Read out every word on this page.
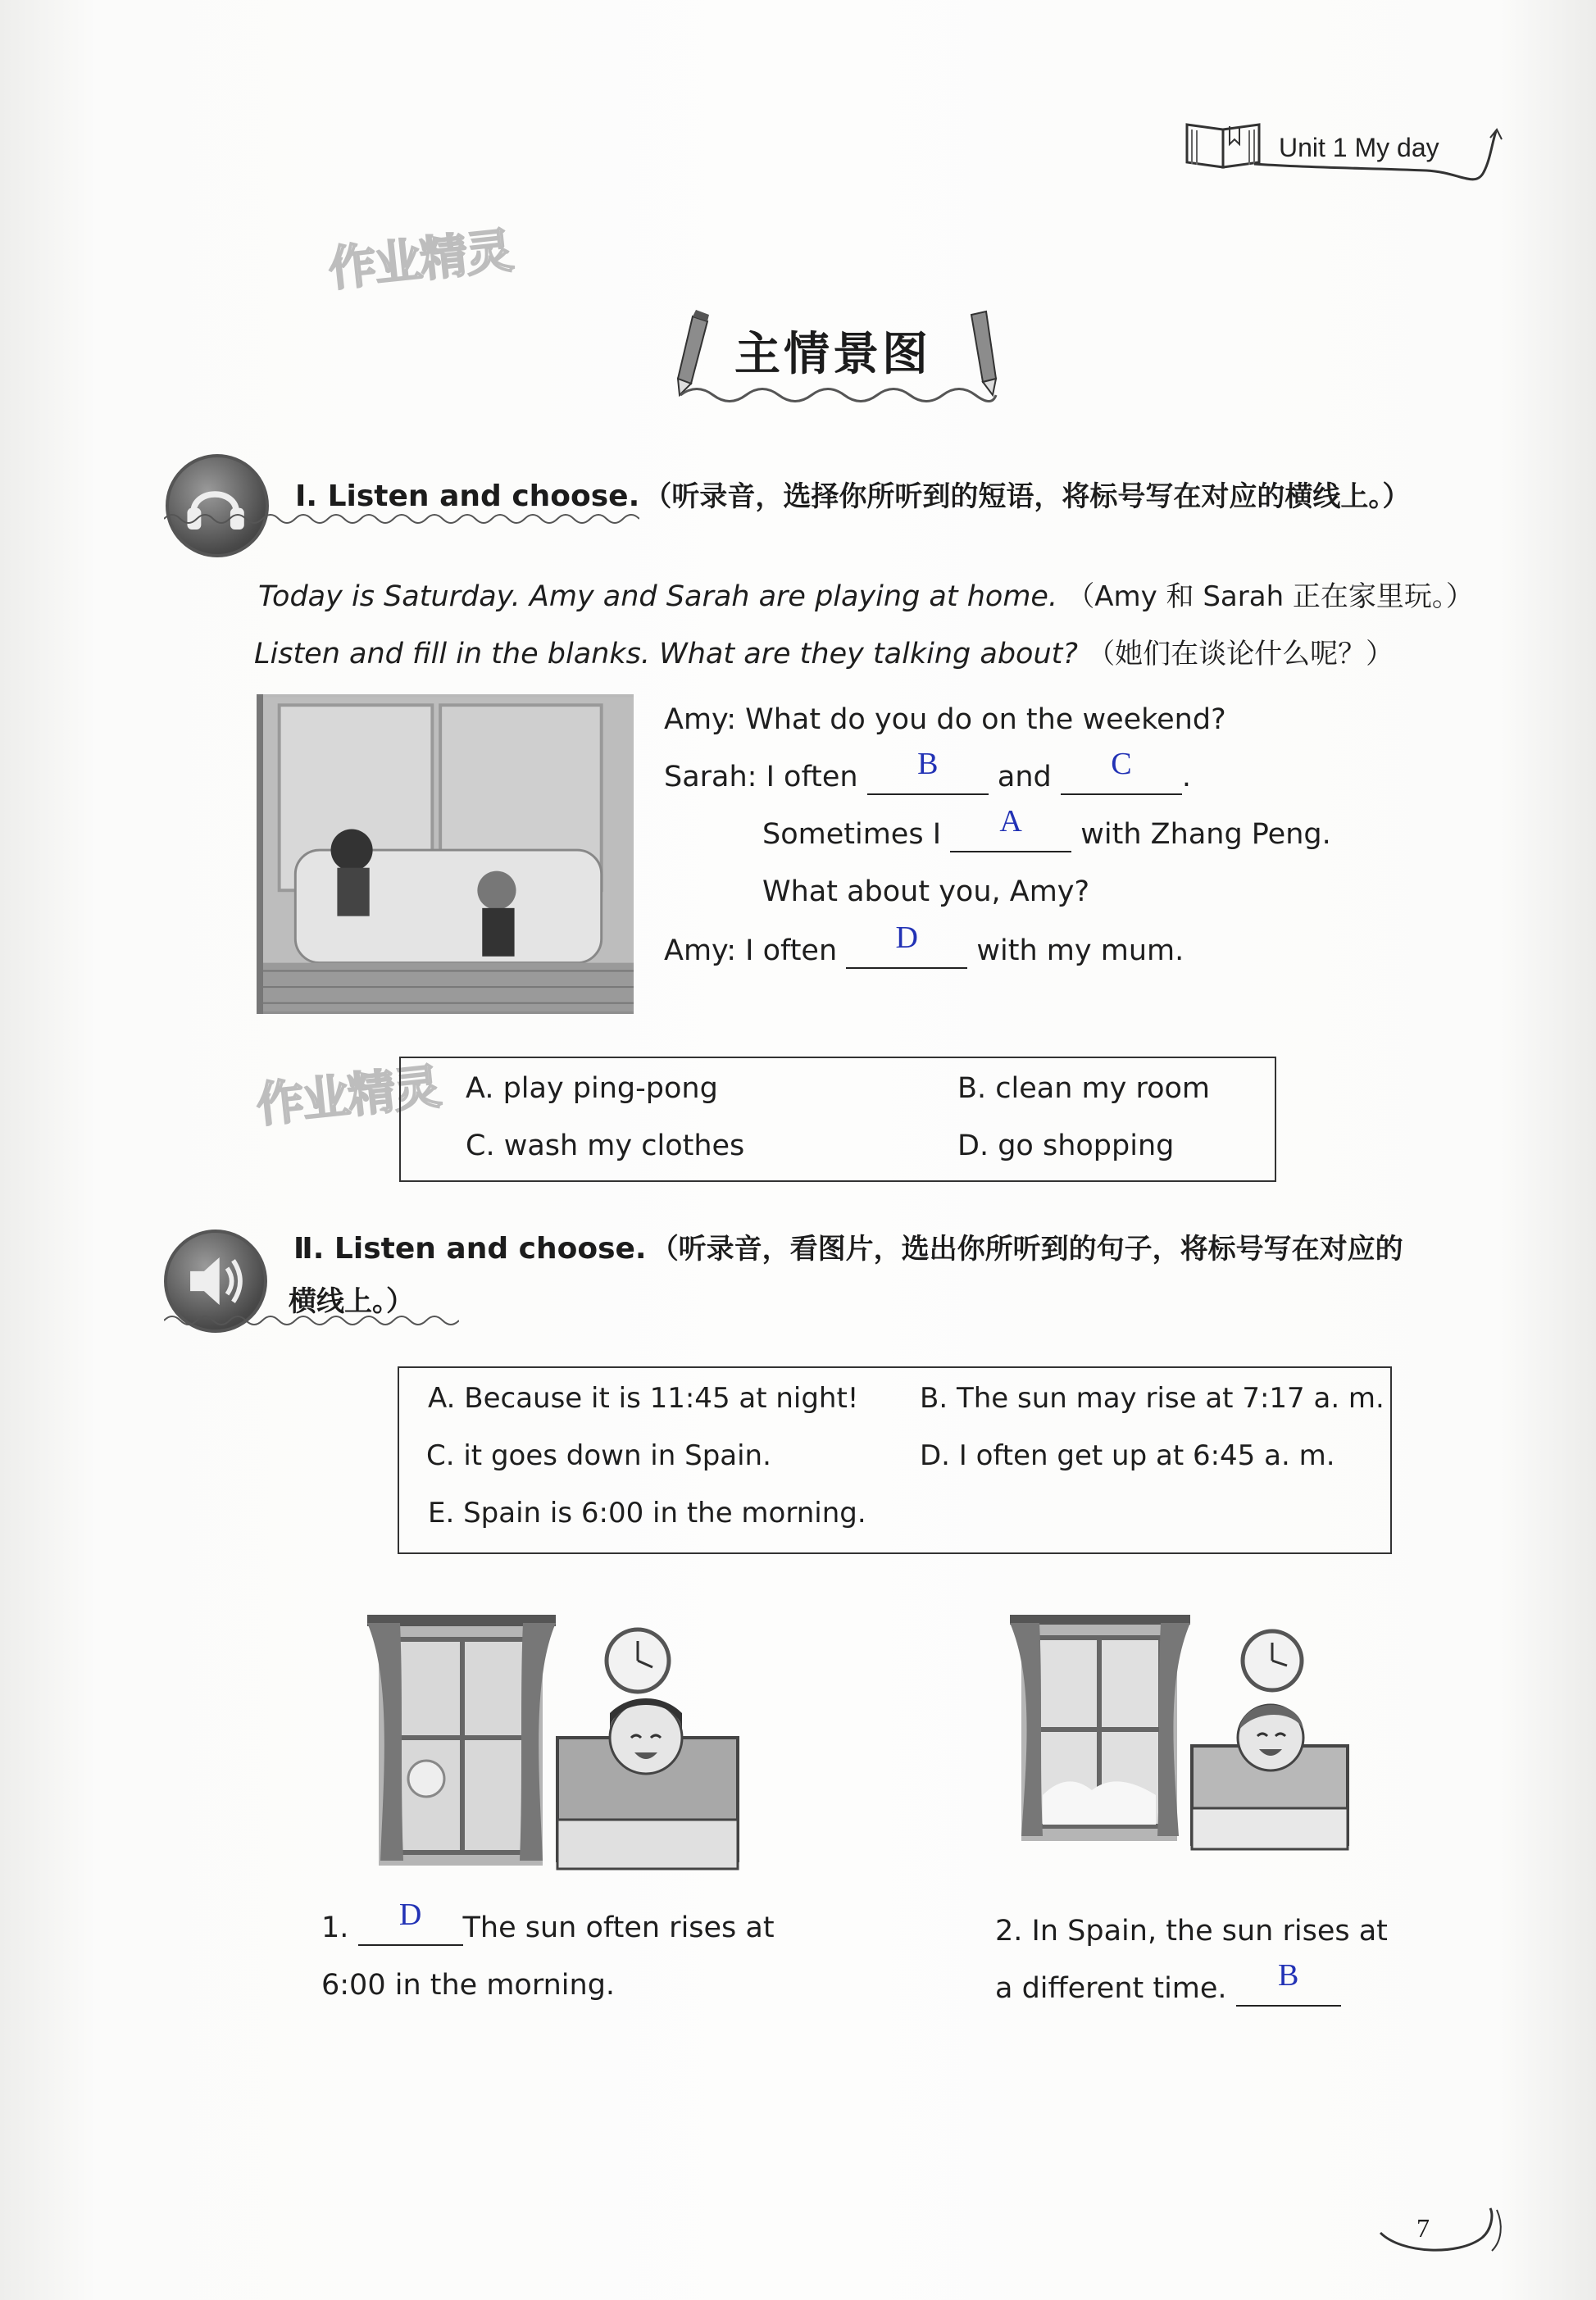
Unit 1 My day
作业精灵
作业精灵
主情景图
Ⅰ. Listen and choose. （听录音，选择你所听到的短语，将标号写在对应的横线上。）
Today is Saturday. Amy and Sarah are playing at home. （Amy 和 Sarah 正在家里玩。）
Listen and fill in the blanks. What are they talking about? （她们在谈论什么呢？）
Amy: What do you do on the weekend?
Sarah: I often	B	and	C	.
Sometimes I	A	with Zhang Peng.
What about you, Amy?
Amy: I often	D	with my mum.
A. play ping-pong	B. clean my room
C. wash my clothes	D. go shopping
Ⅱ. Listen and choose. （听录音，看图片，选出你所听到的句子，将标号写在对应的
横线上。）
A. Because it is 11:45 at night! B. The sun may rise at 7:17 a. m.
C. it goes down in Spain.	D. I often get up at 6:45 a. m.
E. Spain is 6:00 in the morning.
1.	D	The sun often rises at
6:00 in the morning.
2. In Spain, the sun rises at
a different time.	B

7
